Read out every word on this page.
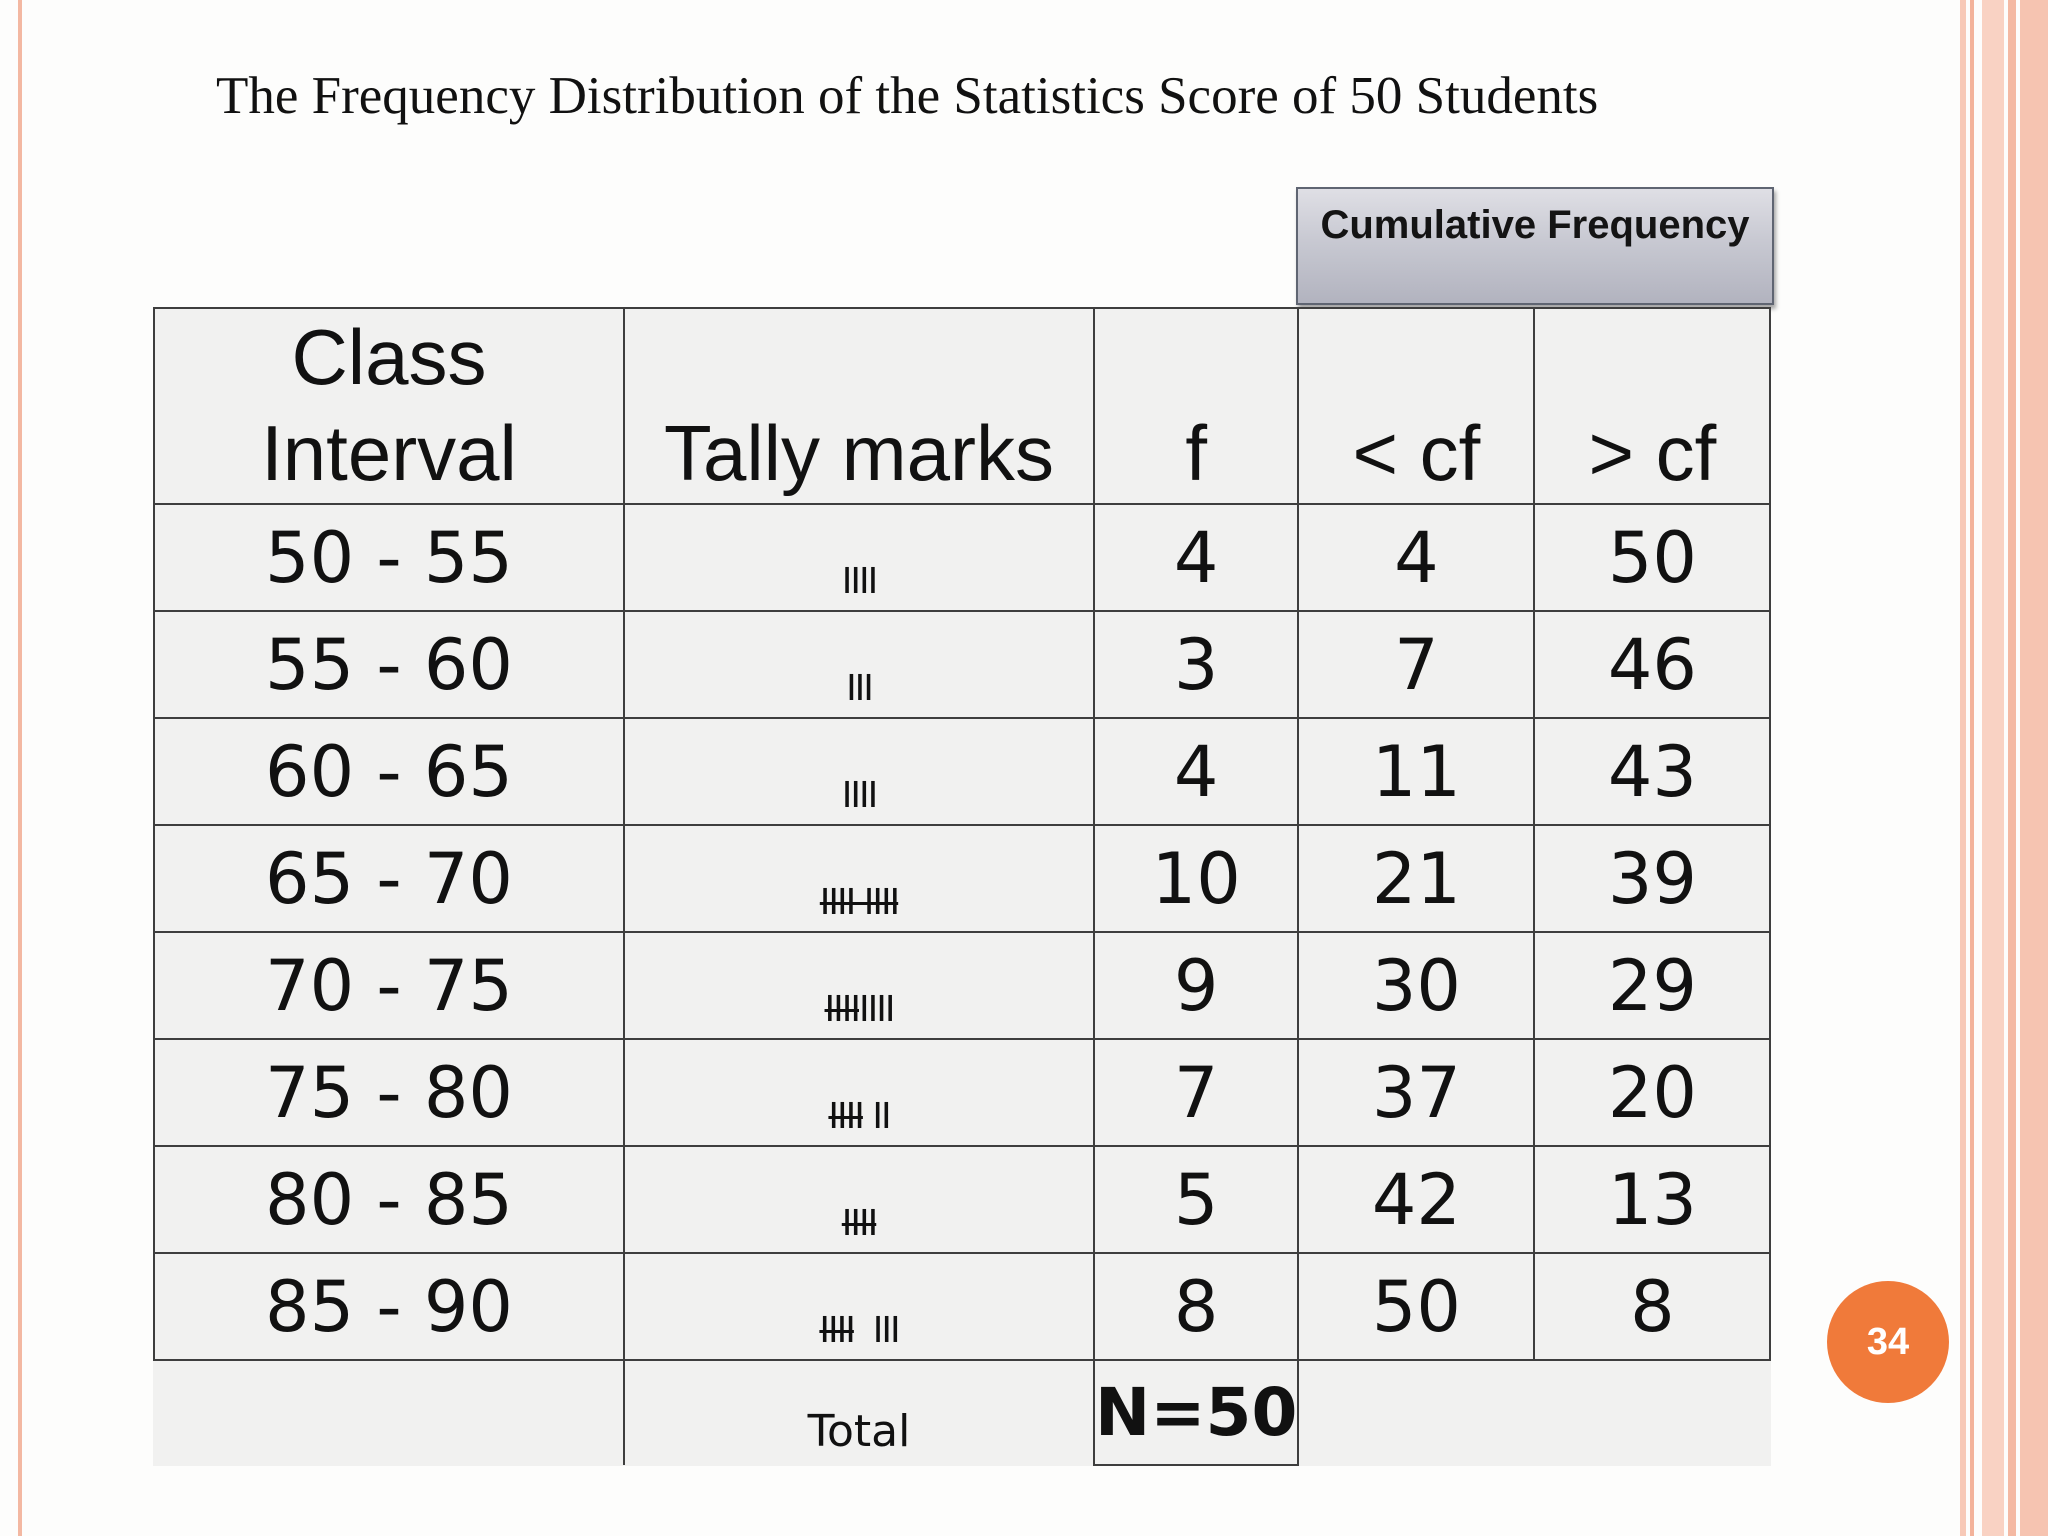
The Frequency Distribution of the Statistics Score of 50 Students
Cumulative Frequency
Class
Interval	Tally marks	f	< cf	> cf
50 - 55	IIII	4	4	50
55 - 60	III	3	7	46
60 - 65	IIII	4	11	43
65 - 70	IIII IIII	10	21	39
70 - 75	IIIIIIII	9	30	29
75 - 80	IIII II	7	37	20
80 - 85	IIII	5	42	13
85 - 90	IIII  III	8	50	8
	Total	N=50		
34
